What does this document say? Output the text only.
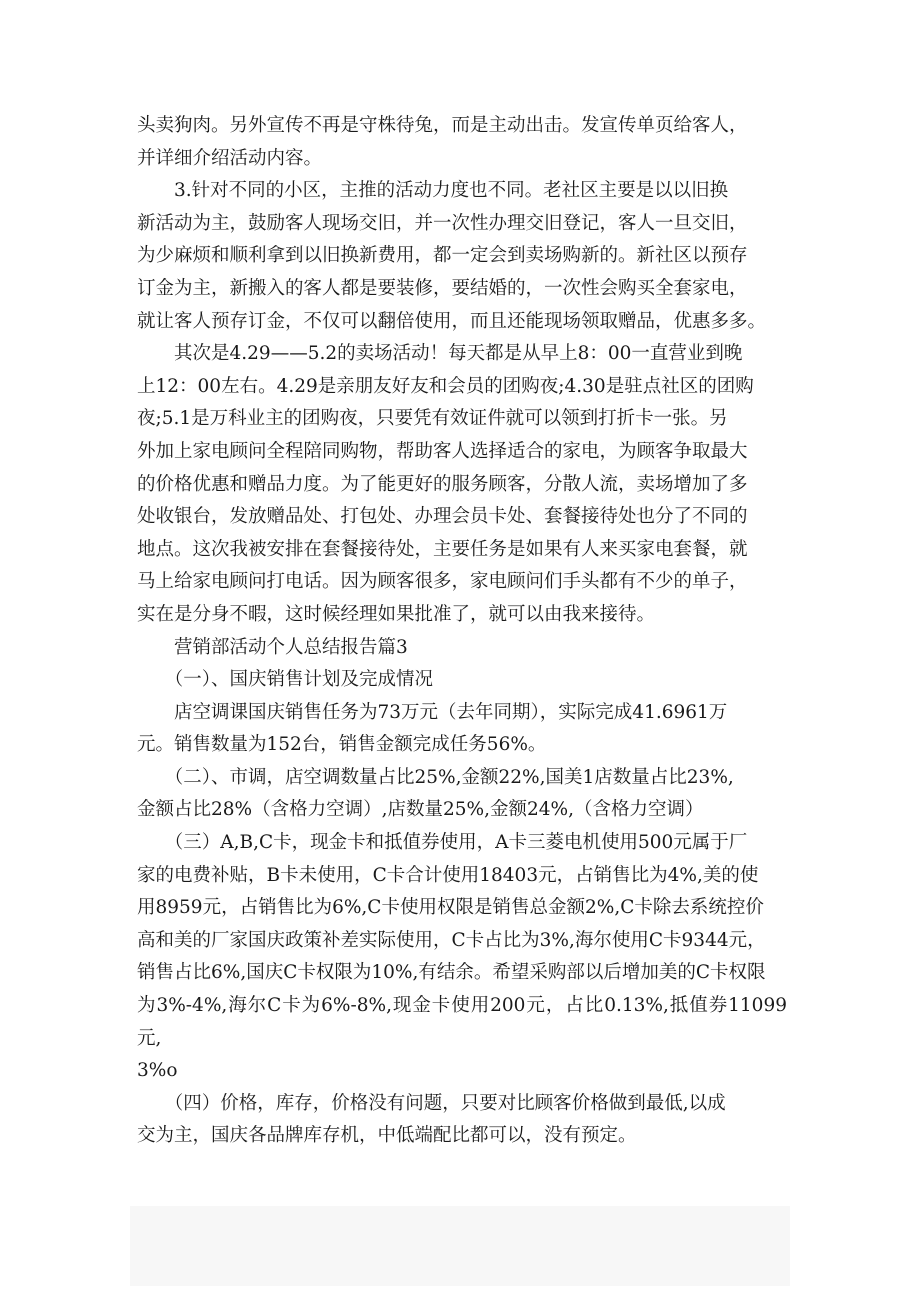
头卖狗肉。另外宣传不再是守株待兔，而是主动出击。发宣传单页给客人，
并详细介绍活动内容。

　　3.针对不同的小区，主推的活动力度也不同。老社区主要是以以旧换
新活动为主，鼓励客人现场交旧，并一次性办理交旧登记，客人一旦交旧，
为少麻烦和顺利拿到以旧换新费用，都一定会到卖场购新的。新社区以预存
订金为主，新搬入的客人都是要装修，要结婚的，一次性会购买全套家电，
就让客人预存订金，不仅可以翻倍使用，而且还能现场领取赠品，优惠多多。

　　其次是4.29——5.2的卖场活动！每天都是从早上8：00一直营业到晚
上12：00左右。4.29是亲朋友好友和会员的团购夜;4.30是驻点社区的团购
夜;5.1是万科业主的团购夜，只要凭有效证件就可以领到打折卡一张。另
外加上家电顾问全程陪同购物，帮助客人选择适合的家电，为顾客争取最大
的价格优惠和赠品力度。为了能更好的服务顾客，分散人流，卖场增加了多
处收银台，发放赠品处、打包处、办理会员卡处、套餐接待处也分了不同的
地点。这次我被安排在套餐接待处，主要任务是如果有人来买家电套餐，就
马上给家电顾问打电话。因为顾客很多，家电顾问们手头都有不少的单子，
实在是分身不暇，这时候经理如果批准了，就可以由我来接待。

　　营销部活动个人总结报告篇3

　　（一）、国庆销售计划及完成情况

　　店空调课国庆销售任务为73万元（去年同期），实际完成41.6961万
元。销售数量为152台，销售金额完成任务56%。

　　（二）、市调，店空调数量占比25%,金额22%,国美1店数量占比23%,
金额占比28%（含格力空调）,店数量25%,金额24%,（含格力空调）

　　（三）A,B,C卡，现金卡和抵值券使用，A卡三菱电机使用500元属于厂
家的电费补贴，B卡未使用，C卡合计使用18403元，占销售比为4%,美的使
用8959元，占销售比为6%,C卡使用权限是销售总金额2%,C卡除去系统控价
高和美的厂家国庆政策补差实际使用，C卡占比为3%,海尔使用C卡9344元，
销售占比6%,国庆C卡权限为10%,有结余。希望采购部以后增加美的C卡权限
为3%-4%,海尔C卡为6%-8%,现金卡使用200元，占比0.13%,抵值券11099元,
3%o

　　（四）价格，库存，价格没有问题，只要对比顾客价格做到最低,以成
交为主，国庆各品牌库存机，中低端配比都可以，没有预定。
